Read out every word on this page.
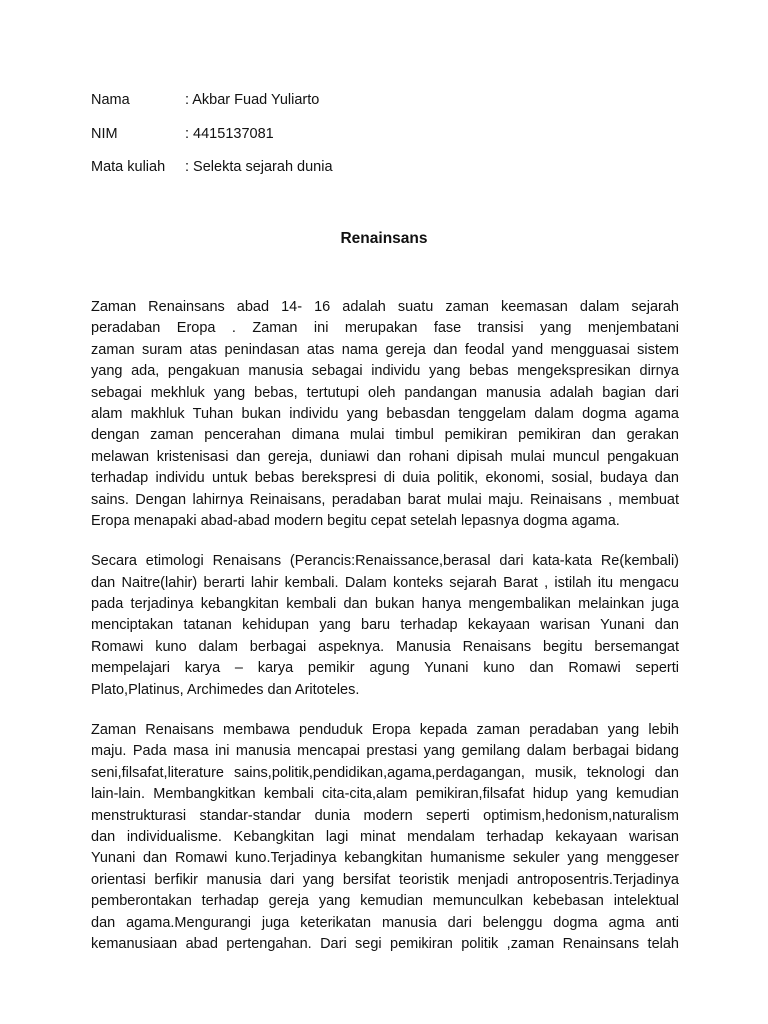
Nama	: Akbar Fuad Yuliarto
NIM	: 4415137081
Mata kuliah	: Selekta sejarah dunia
Renainsans

Zaman Renainsans abad 14- 16 adalah suatu zaman keemasan dalam sejarah
peradaban Eropa . Zaman ini merupakan fase transisi yang menjembatani
zaman suram atas penindasan atas nama gereja dan feodal yand mengguasai sistem
yang ada, pengakuan manusia sebagai individu yang bebas mengekspresikan dirnya
sebagai mekhluk yang bebas, tertutupi oleh pandangan manusia adalah bagian dari
alam makhluk Tuhan bukan individu yang bebasdan tenggelam dalam dogma agama
dengan zaman pencerahan dimana mulai timbul pemikiran pemikiran dan gerakan
melawan kristenisasi dan gereja, duniawi dan rohani dipisah mulai muncul pengakuan
terhadap individu untuk bebas berekspresi di duia politik, ekonomi, sosial, budaya dan
sains. Dengan lahirnya Reinaisans, peradaban barat mulai maju. Reinaisans , membuat
Eropa menapaki abad-abad modern begitu cepat setelah lepasnya dogma agama.

Secara etimologi Renaisans (Perancis:Renaissance,berasal dari kata-kata Re(kembali)
dan Naitre(lahir) berarti lahir kembali. Dalam konteks sejarah Barat , istilah itu mengacu
pada terjadinya kebangkitan kembali dan bukan hanya mengembalikan melainkan juga
menciptakan tatanan kehidupan yang baru terhadap kekayaan warisan Yunani dan
Romawi kuno dalam berbagai aspeknya. Manusia Renaisans begitu bersemangat
mempelajari karya – karya pemikir agung Yunani kuno dan Romawi seperti
Plato,Platinus, Archimedes dan Aritoteles.

Zaman Renaisans membawa penduduk Eropa kepada zaman peradaban yang lebih
maju. Pada masa ini manusia mencapai prestasi yang gemilang dalam berbagai bidang
seni,filsafat,literature sains,politik,pendidikan,agama,perdagangan, musik, teknologi dan
lain-lain. Membangkitkan kembali cita-cita,alam pemikiran,filsafat hidup yang kemudian
menstrukturasi standar-standar dunia modern seperti optimism,hedonism,naturalism
dan individualisme. Kebangkitan lagi minat mendalam terhadap kekayaan warisan
Yunani dan Romawi kuno.Terjadinya kebangkitan humanisme sekuler yang menggeser
orientasi berfikir manusia dari yang bersifat teoristik menjadi antroposentris.Terjadinya
pemberontakan terhadap gereja yang kemudian memunculkan kebebasan intelektual
dan agama.Mengurangi juga keterikatan manusia dari belenggu dogma agma anti
kemanusiaan abad pertengahan. Dari segi pemikiran politik ,zaman Renainsans telah
